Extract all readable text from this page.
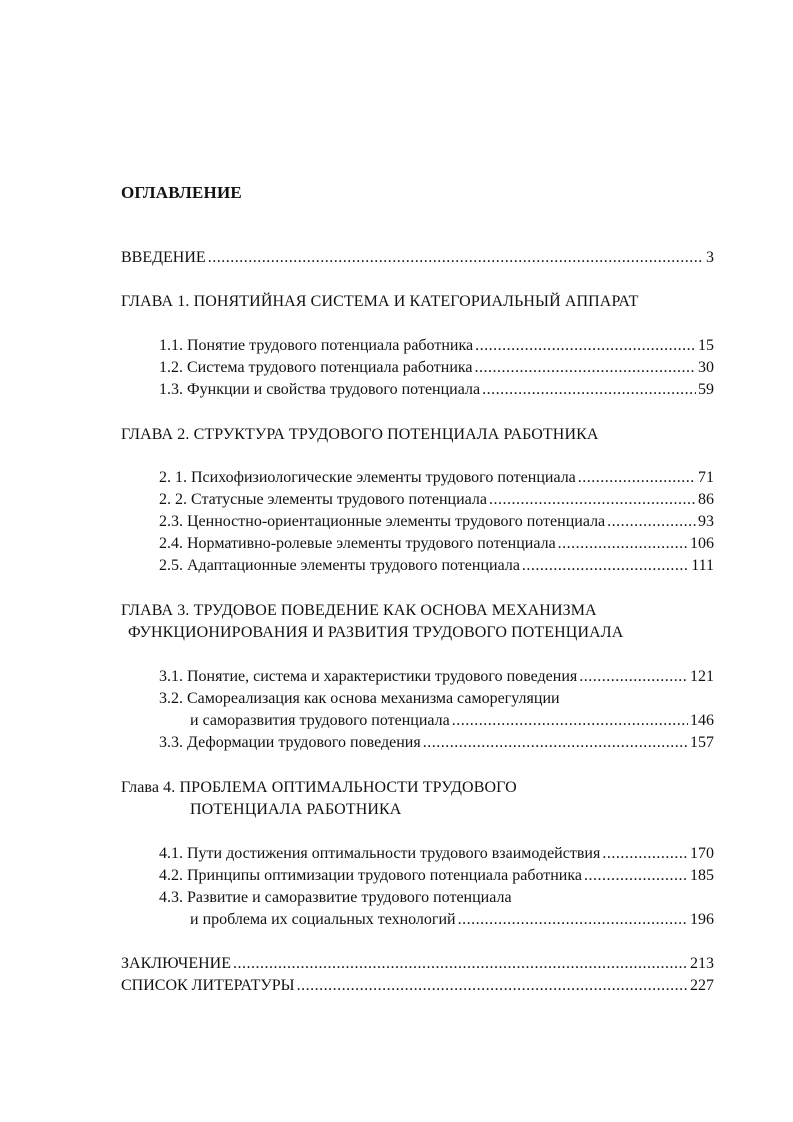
ОГЛАВЛЕНИЕ
ВВЕДЕНИЕ .....	3
ГЛАВА 1. ПОНЯТИЙНАЯ СИСТЕМА И КАТЕГОРИАЛЬНЫЙ АППАРАТ
1.1. Понятие трудового потенциала работника .....	15
1.2. Система трудового потенциала работника .....	30
1.3. Функции и свойства трудового потенциала .....	59
ГЛАВА 2. СТРУКТУРА ТРУДОВОГО ПОТЕНЦИАЛА РАБОТНИКА
2. 1. Психофизиологические элементы трудового потенциала .....	71
2. 2. Статусные элементы трудового потенциала .....	86
2.3. Ценностно-ориентационные элементы трудового потенциала .....	93
2.4. Нормативно-ролевые элементы трудового потенциала .....	106
2.5. Адаптационные элементы трудового потенциала .....	111
ГЛАВА 3. ТРУДОВОЕ ПОВЕДЕНИЕ КАК ОСНОВА МЕХАНИЗМА
ФУНКЦИОНИРОВАНИЯ И РАЗВИТИЯ ТРУДОВОГО ПОТЕНЦИАЛА
3.1. Понятие, система и характеристики трудового поведения .....	121
3.2. Самореализация как основа механизма саморегуляции
и саморазвития трудового потенциала .....	146
3.3. Деформации трудового поведения .....	157
Глава 4. ПРОБЛЕМА ОПТИМАЛЬНОСТИ ТРУДОВОГО
ПОТЕНЦИАЛА РАБОТНИКА
4.1. Пути достижения оптимальности трудового взаимодействия .....	170
4.2. Принципы оптимизации трудового потенциала работника .....	185
4.3. Развитие и саморазвитие трудового потенциала
и проблема их социальных технологий .....	196
ЗАКЛЮЧЕНИЕ .....	213
СПИСОК ЛИТЕРАТУРЫ .....	227
